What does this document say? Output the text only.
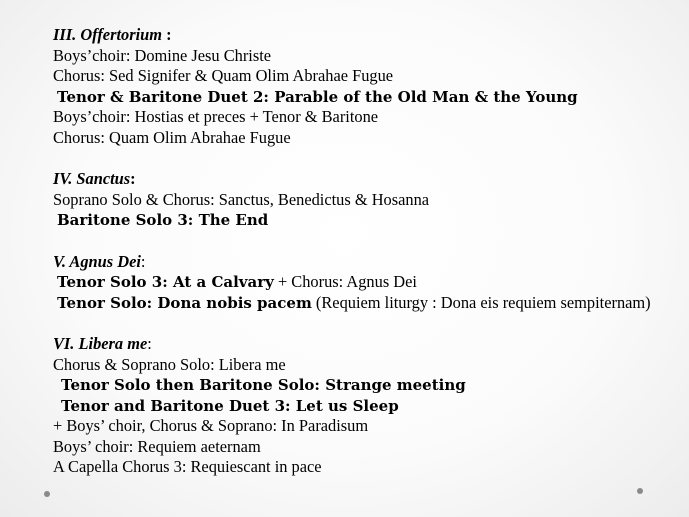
III. Offertorium :
Boys’choir: Domine Jesu Christe
Chorus: Sed Signifer & Quam Olim Abrahae Fugue
Tenor & Baritone Duet 2: Parable of the Old Man & the Young
Boys’choir: Hostias et preces + Tenor & Baritone
Chorus: Quam Olim Abrahae Fugue
IV. Sanctus:
Soprano Solo & Chorus: Sanctus, Benedictus & Hosanna
Baritone Solo 3: The End
V. Agnus Dei:
Tenor Solo 3: At a Calvary + Chorus: Agnus Dei
Tenor Solo: Dona nobis pacem (Requiem liturgy : Dona eis requiem sempiternam)
VI. Libera me:
Chorus & Soprano Solo: Libera me
Tenor Solo then Baritone Solo: Strange meeting
Tenor and Baritone Duet 3: Let us Sleep
+ Boys’ choir, Chorus & Soprano: In Paradisum
Boys’ choir: Requiem aeternam
A Capella Chorus 3: Requiescant in pace
